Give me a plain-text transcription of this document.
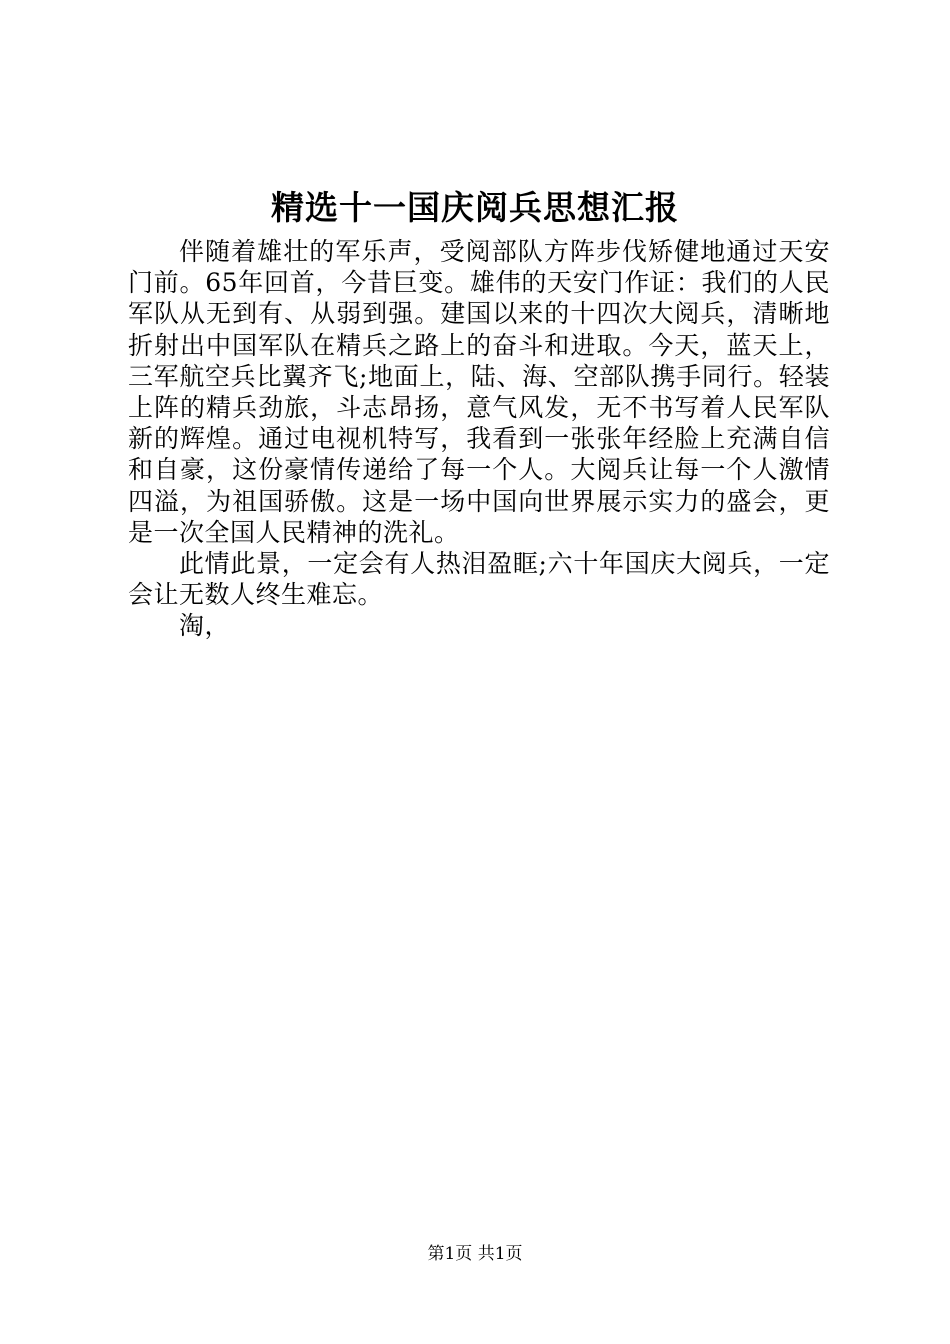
精选十一国庆阅兵思想汇报

伴随着雄壮的军乐声，受阅部队方阵步伐矫健地通过天安门前。65年回首，今昔巨变。雄伟的天安门作证：我们的人民军队从无到有、从弱到强。建国以来的十四次大阅兵，清晰地折射出中国军队在精兵之路上的奋斗和进取。今天，蓝天上，三军航空兵比翼齐飞;地面上，陆、海、空部队携手同行。轻装上阵的精兵劲旅，斗志昂扬，意气风发，无不书写着人民军队新的辉煌。通过电视机特写，我看到一张张年经脸上充满自信和自豪，这份豪情传递给了每一个人。大阅兵让每一个人激情四溢，为祖国骄傲。这是一场中国向世界展示实力的盛会，更是一次全国人民精神的洗礼。

此情此景，一定会有人热泪盈眶;六十年国庆大阅兵，一定会让无数人终生难忘。

淘，

第1页 共1页
